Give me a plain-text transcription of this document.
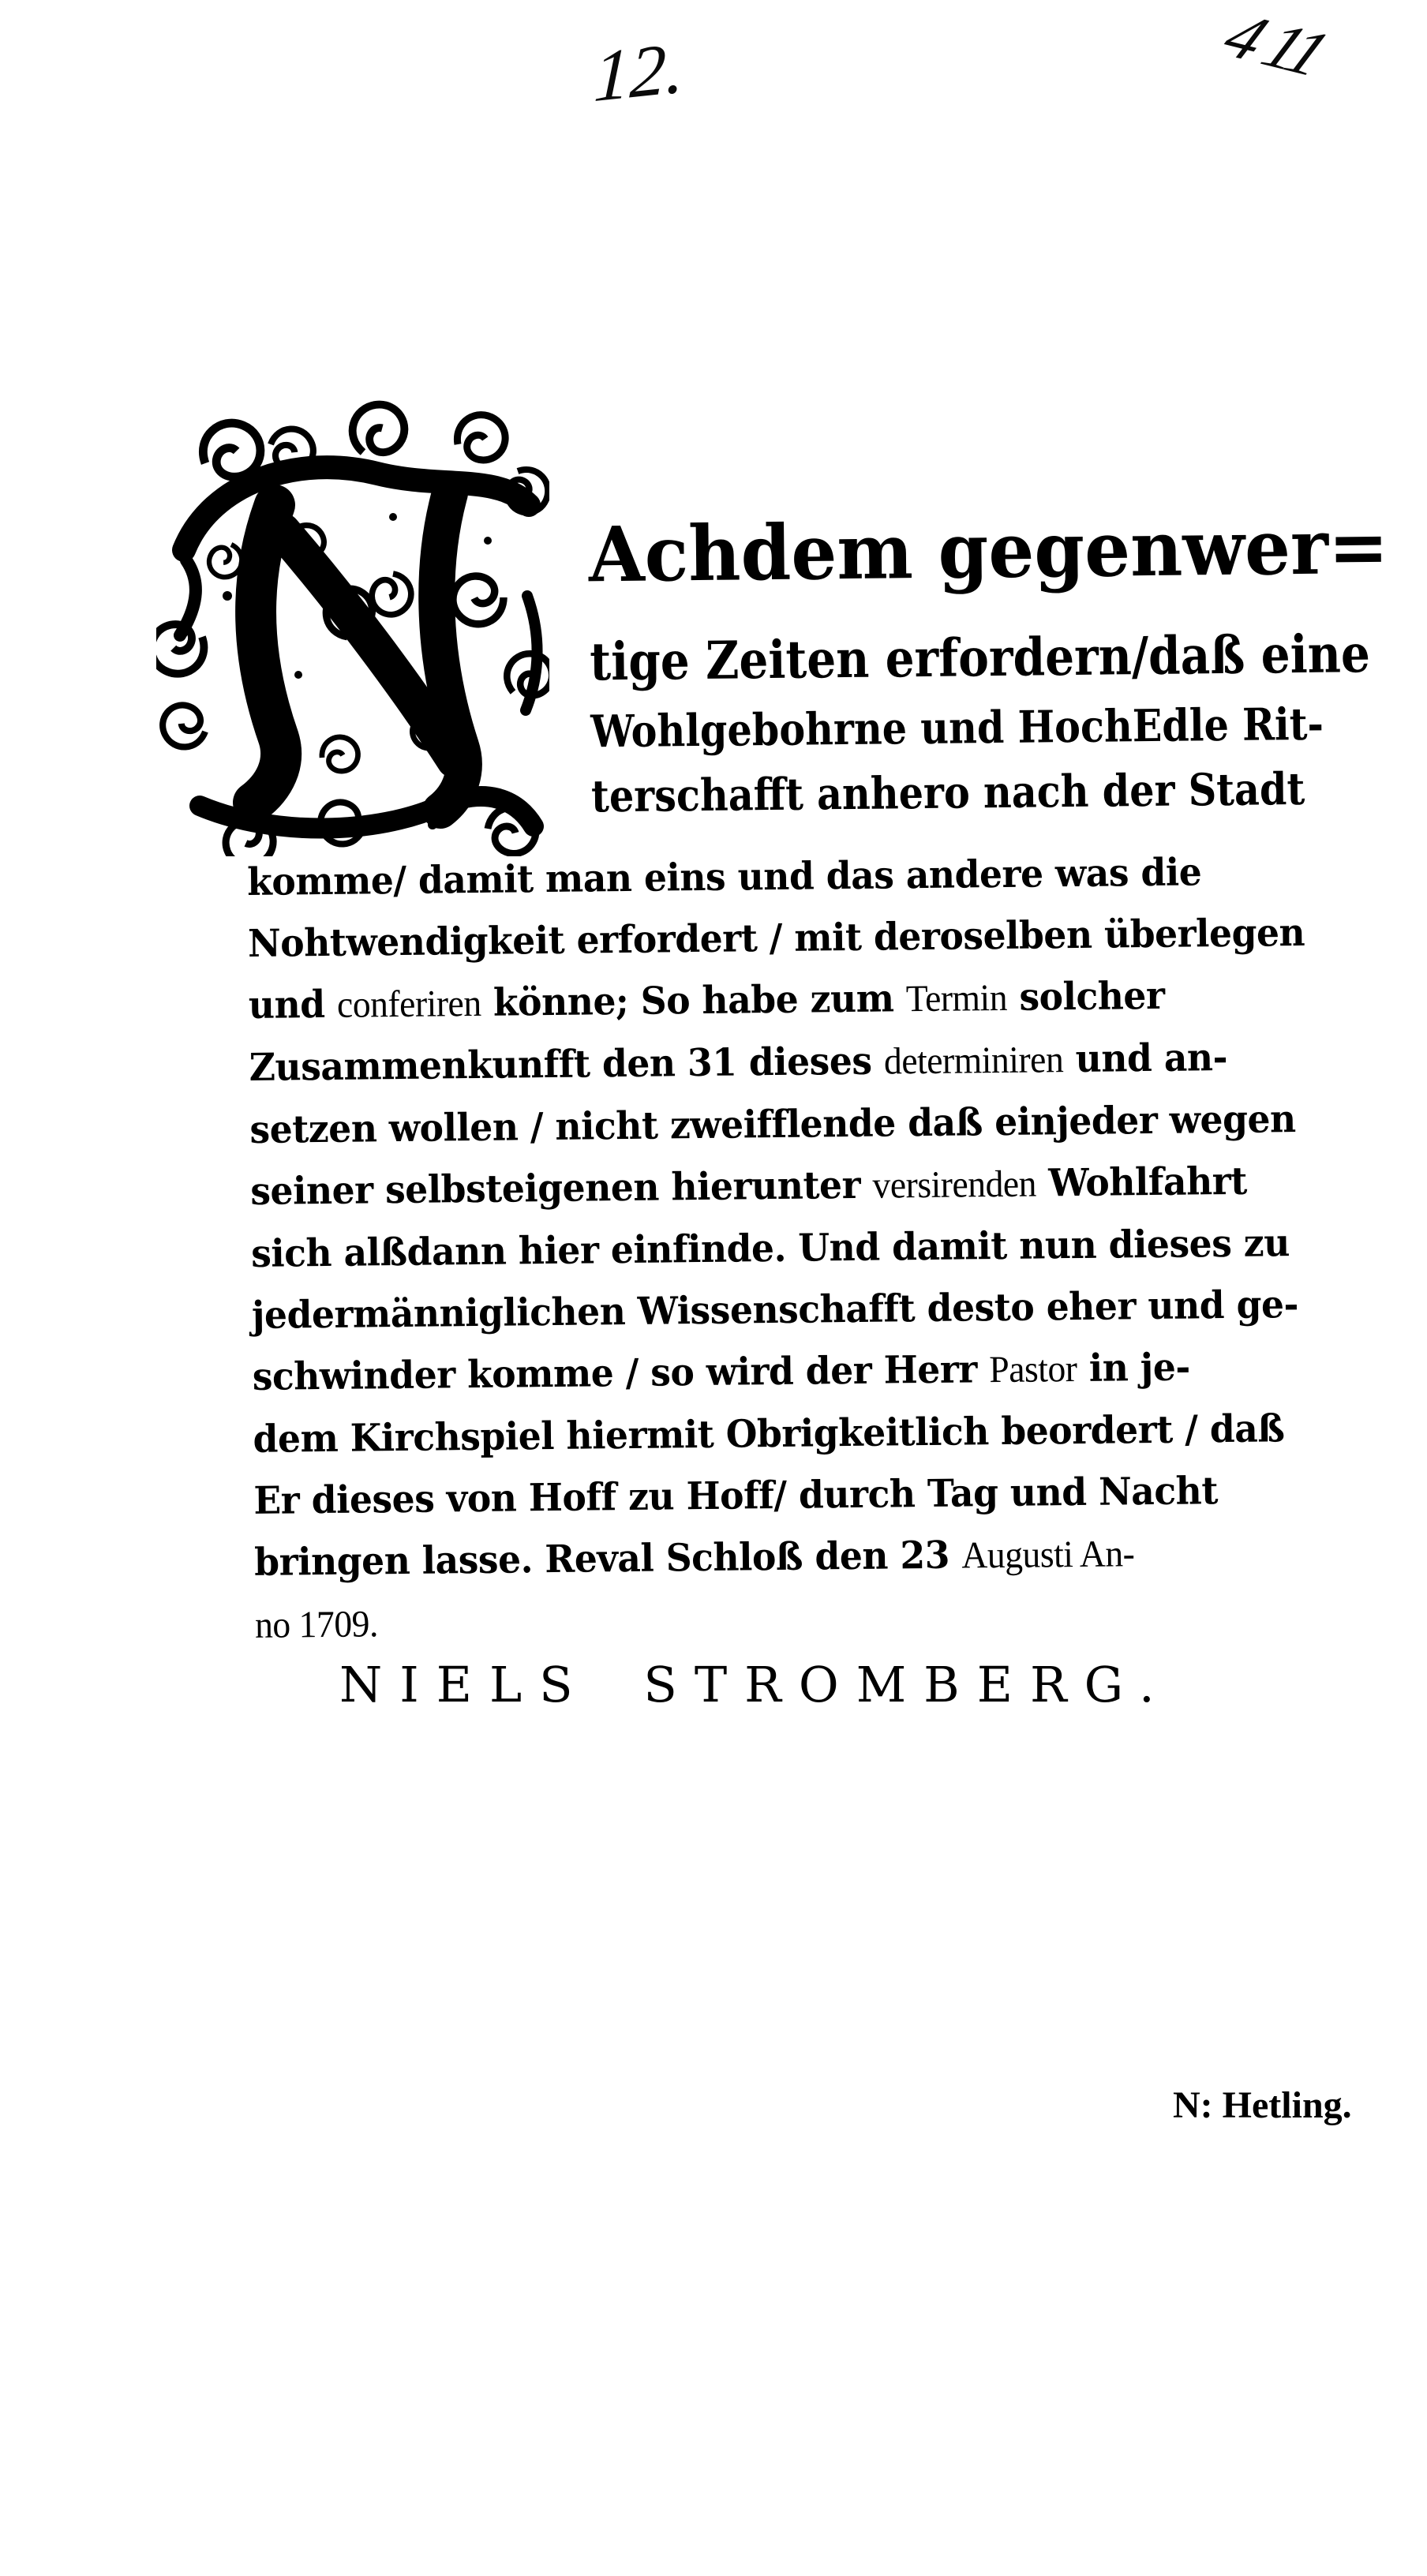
12.	4 11
Achdem gegenwer=
tige Zeiten erfordern/daß eine
Wohlgebohrne und HochEdle Rit-
terschafft anhero nach der Stadt
komme/ damit man eins und das andere was die
Nohtwendigkeit erfordert / mit deroselben überlegen
und conferiren könne; So habe zum Termin solcher
Zusammenkunfft den 31 dieses determiniren und an-
setzen wollen / nicht zweifflende daß einjeder wegen
seiner selbsteigenen hierunter versirenden Wohlfahrt
sich alßdann hier einfinde. Und damit nun dieses zu
jedermänniglichen Wissenschafft desto eher und ge-
schwinder komme / so wird der Herr Pastor in je-
dem Kirchspiel hiermit Obrigkeitlich beordert / daß
Er dieses von Hoff zu Hoff/ durch Tag und Nacht
bringen lasse. Reval Schloß den 23 Augusti An-
no 1709.
NIELS STROMBERG.
N: Hetling.
